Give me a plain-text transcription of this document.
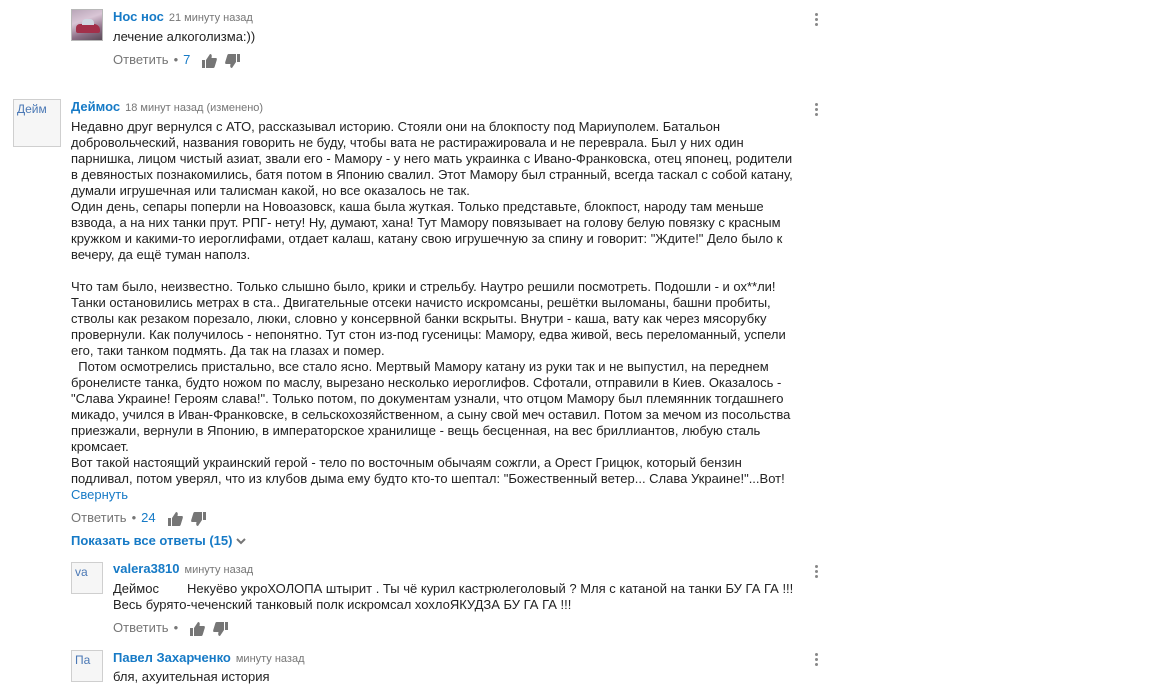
Нос нос 21 минуту назад

лечение алкоголизма:))

Ответить • 7
Дейм	Деймос 18 минут назад (изменено)

Недавно друг вернулся с АТО, рассказывал историю. Стояли они на блокпосту под Мариуполем. Батальон

добровольческий, названия говорить не буду, чтобы вата не растиражировала и не переврала. Был у них один

парнишка, лицом чистый азиат, звали его - Мамору - у него мать украинка с Ивано-Франковска, отец японец, родители

в девяностых познакомились, батя потом в Японию свалил. Этот Мамору был странный, всегда таскал с собой катану,

думали игрушечная или талисман какой, но все оказалось не так.

Один день, сепары поперли на Новоазовск, каша была жуткая. Только представьте, блокпост, народу там меньше

взвода, а на них танки прут. РПГ- нету! Ну, думают, хана! Тут Мамору повязывает на голову белую повязку с красным

кружком и какими-то иероглифами, отдает калаш, катану свою игрушечную за спину и говорит: "Ждите!" Дело было к

вечеру, да ещё туман наполз.

Что там было, неизвестно. Только слышно было, крики и стрельбу. Наутро решили посмотреть. Подошли - и ох**ли!

Танки остановились метрах в ста.. Двигательные отсеки начисто искромсаны, решётки выломаны, башни пробиты,

стволы как резаком порезало, люки, словно у консервной банки вскрыты. Внутри - каша, вату как через мясорубку

провернули. Как получилось - непонятно. Тут стон из-под гусеницы: Мамору, едва живой, весь переломанный, успели

его, таки танком подмять. Да так на глазах и помер.

Потом осмотрелись пристально, все стало ясно. Мертвый Мамору катану из руки так и не выпустил, на переднем

бронелисте танка, будто ножом по маслу, вырезано несколько иероглифов. Сфотали, отправили в Киев. Оказалось -

"Слава Украине! Героям слава!". Только потом, по документам узнали, что отцом Мамору был племянник тогдашнего

микадо, учился в Иван-Франковске, в сельскохозяйственном, а сыну свой меч оставил. Потом за мечом из посольства

приезжали, вернули в Японию, в императорское хранилище - вещь бесценная, на вес бриллиантов, любую сталь

кромсает.

Вот такой настоящий украинский герой - тело по восточным обычаям сожгли, а Орест Грицюк, который бензин

подливал, потом уверял, что из клубов дыма ему будто кто-то шептал: "Божественный ветер... Слава Украине!"...Вот!

Свернуть
Ответить • 24
Показать все ответы (15)
va	valera3810 минуту назад

Деймос Некуёво укроХОЛОПА штырит . Ты чё курил кастрюлеголовый ? Мля с катаной на танки БУ ГА ГА !!!

Весь бурято-чеченский танковый полк искромсал хохлоЯКУДЗА БУ ГА ГА !!!

Ответить •
Па	Павел Захарченко минуту назад

бля, ахуительная история
